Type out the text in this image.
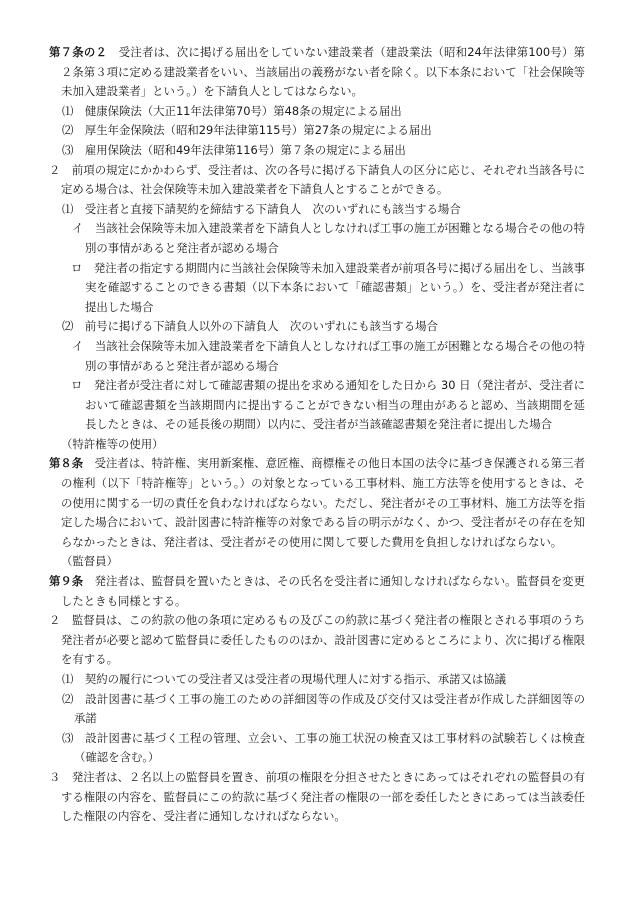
第７条の２　 受注者は、次に掲げる届出をしていない建設業者（建設業法（昭和24年法律第100号）第２条第３項に定める建設業者をいい、当該届出の義務がない者を除く。以下本条において「社会保険等未加入建設業者」という。）を下請負人としてはならない。

⑴　 健康保険法（大正11年法律第70号）第48条の規定による届出

⑵　 厚生年金保険法（昭和29年法律第115号）第27条の規定による届出

⑶　 雇用保険法（昭和49年法律第116号）第７条の規定による届出

２　 前項の規定にかかわらず、受注者は、次の各号に掲げる下請負人の区分に応じ、それぞれ当該各号に定める場合は、社会保険等未加入建設業者を下請負人とすることができる。

⑴　 受注者と直接下請契約を締結する下請負人　次のいずれにも該当する場合

イ　 当該社会保険等未加入建設業者を下請負人としなければ工事の施工が困難となる場合その他の特別の事情があると発注者が認める場合

ロ　 発注者の指定する期間内に当該社会保険等未加入建設業者が前項各号に掲げる届出をし、当該事実を確認することのできる書類（以下本条において「確認書類」という。）を、受注者が発注者に提出した場合

⑵　 前号に掲げる下請負人以外の下請負人　次のいずれにも該当する場合

イ　 当該社会保険等未加入建設業者を下請負人としなければ工事の施工が困難となる場合その他の特別の事情があると発注者が認める場合

ロ　 発注者が受注者に対して確認書類の提出を求める通知をした日から 30 日（発注者が、受注者において確認書類を当該期間内に提出することができない相当の理由があると認め、当該期間を延長したときは、その延長後の期間）以内に、受注者が当該確認書類を発注者に提出した場合

（特許権等の使用）

第８条　 受注者は、特許権、実用新案権、意匠権、商標権その他日本国の法令に基づき保護される第三者の権利（以下「特許権等」という。）の対象となっている工事材料、施工方法等を使用するときは、その使用に関する一切の責任を負わなければならない。ただし、発注者がその工事材料、施工方法等を指定した場合において、設計図書に特許権等の対象である旨の明示がなく、かつ、受注者がその存在を知らなかったときは、発注者は、受注者がその使用に関して要した費用を負担しなければならない。

（監督員）

第９条　 発注者は、監督員を置いたときは、その氏名を受注者に通知しなければならない。監督員を変更したときも同様とする。

２　 監督員は、この約款の他の条項に定めるもの及びこの約款に基づく発注者の権限とされる事項のうち発注者が必要と認めて監督員に委任したもののほか、設計図書に定めるところにより、次に掲げる権限を有する。

⑴　 契約の履行についての受注者又は受注者の現場代理人に対する指示、承諾又は協議

⑵　 設計図書に基づく工事の施工のための詳細図等の作成及び交付又は受注者が作成した詳細図等の承諾

⑶　 設計図書に基づく工程の管理、立会い、工事の施工状況の検査又は工事材料の試験若しくは検査（確認を含む。）

３　 発注者は、２名以上の監督員を置き、前項の権限を分担させたときにあってはそれぞれの監督員の有する権限の内容を、監督員にこの約款に基づく発注者の権限の一部を委任したときにあっては当該委任した権限の内容を、受注者に通知しなければならない。
